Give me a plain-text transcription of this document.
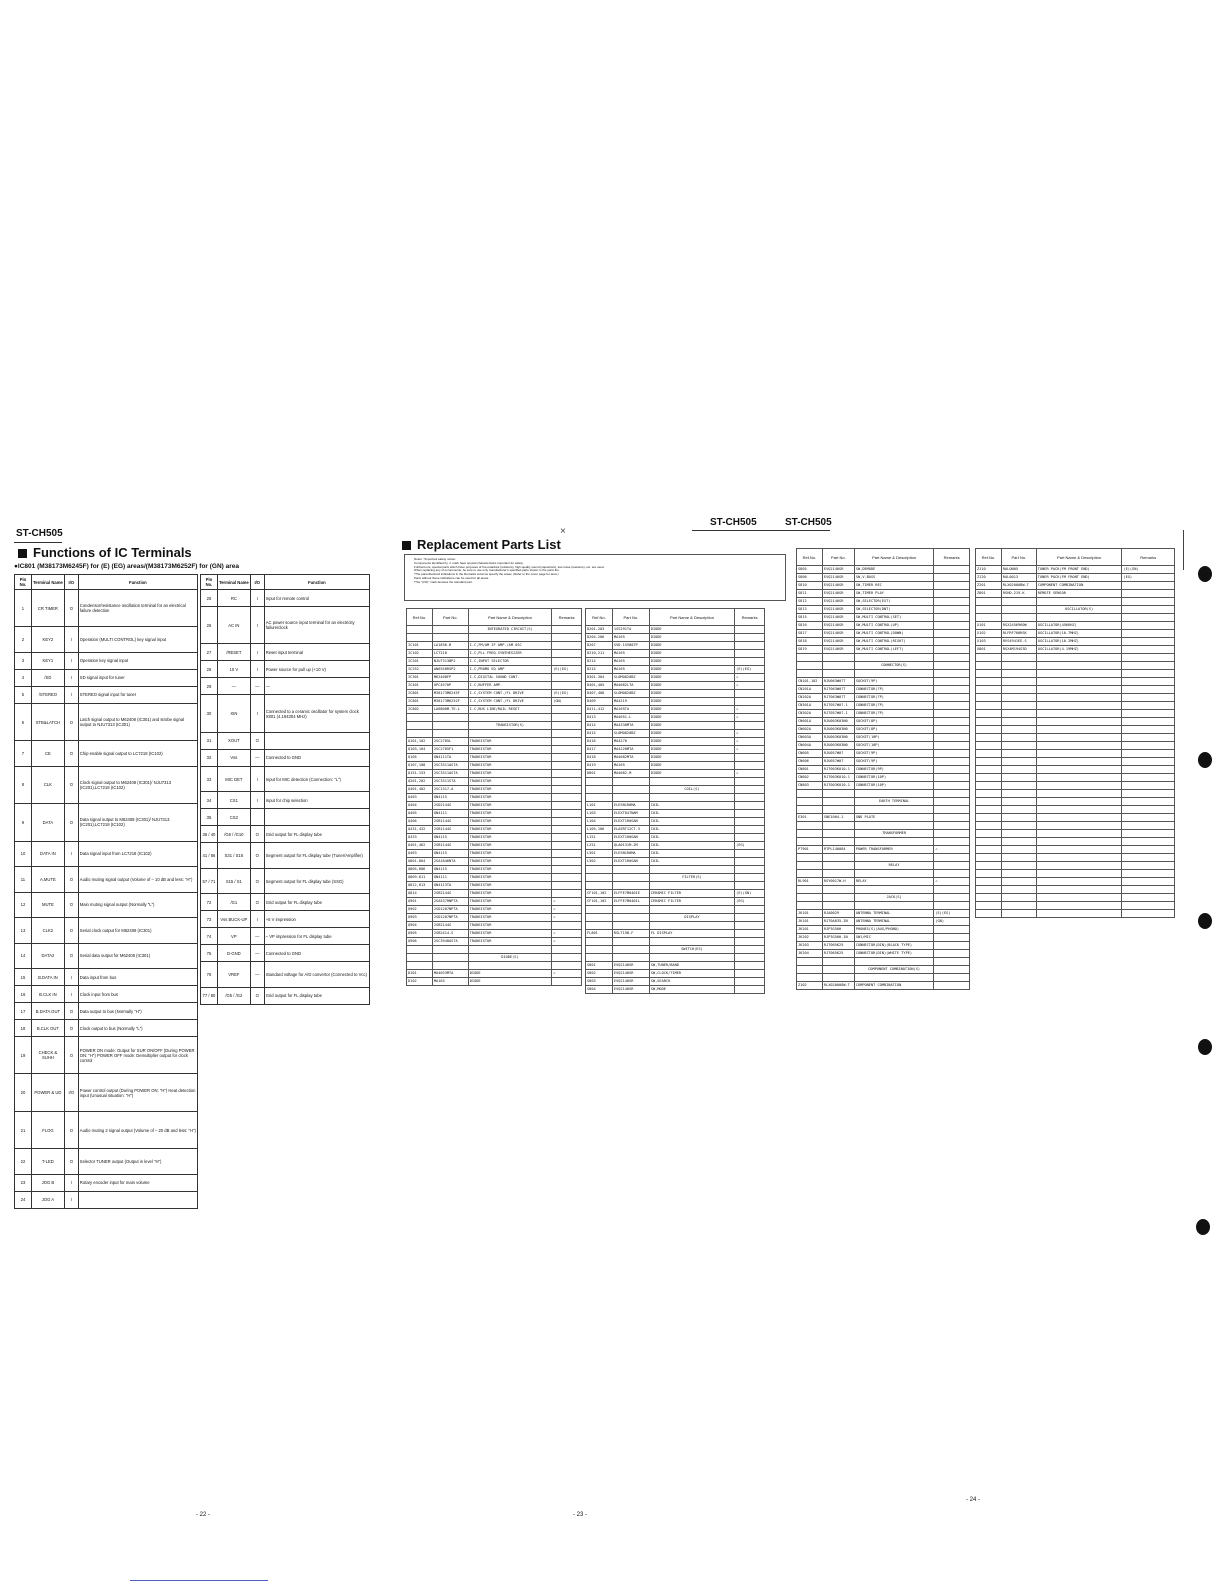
×
ST-CH505
ST-CH505	ST-CH505
Functions of IC Terminals
●IC801 (M38173M6245F) for (E) (EG) areas/(M38173M6252F) for (GN) area
Pin No.	Terminal Name	I/O	Function
1	CR TIMER	O	Condensor/resistance oscillation terminal for an electrical failure detection
2	KEY2	I	Operation (MULTI CONTROL) key signal input
3	KEY1	I	Operation key signal input
4	/SD	I	SD signal input for tuner
5	/STEREO	I	STEREO signal input for tuner
6	STB&LATCH	O	Latch signal output to M62408 (IC301) and strobe signal output to NJU7313 (IC301)
7	CE	O	Chip enable signal output to LC7218 (IC102)
8	CLK	O	Clock signal output to M62408 (IC301)/ NJU7313 (IC201),LC7218 (IC102)
9	DATA	O	Data signal output to M62408 (IC301)/ NJU7313 (IC201),LC7218 (IC102)
10	DATA IN	I	Data signal input from LC7218 (IC102)
11	A.MUTE	O	Audio muting signal output (Volume of – 10 dB and less: "H")
12	MUTE	O	Main muting signal output (Normally "L")
13	CLK2	O	Serial clock output for M62408 (IC301)
14	DATA2	O	Serial data output for M62408 (IC301)
15	B.DATA IN	I	Data input from bus
16	B.CLK IN	I	Clock input from bus
17	B.DATA OUT	O	Data output to bus (Normally "H")
18	B.CLK OUT	O	Clock output to bus (Normally "L")
19	CHECK & SUHH	O	POWER ON mode: Output for SUR ON/OFF (During POWER ON: "H") POWER OFF mode: Demultiplier output for clock control
20	POWER & UD	I/O	Power control output (During POWER ON: "H") Heat detection input (Unusual situation: "H")
21	FLOG	O	Audio muting 2 signal output (Volume of – 20 dB and less: "H")
22	T-LED	O	Selector TUNER output (Output in level "H")
23	JOG B	I	Rotary encoder input for main volume
24	JOG A	I	
Pin No.	Terminal Name	I/O	Function
25	RC	I	Input for remote control
26	AC IN	I	AC power source input terminal for an electricity failure/clock
27	/RESET	I	Reset input terminal
28	10 V	I	Power source for pull up (+10 V)
29	—	—	—
30	XIN	I	Connected to a ceramic oscillator for system clock X801 (4.194304 MHz)
31	XOUT	O	
32	Vss	—	Connected to GND
33	MIC DET	I	Input for MIC detection (Connection: "L")
34	CS1	I	Input for chip selection
35	CS2		
36 / 40	/G6 / /G10	O	Grid output for FL display tube
41 / 56	S31 / S16	O	Segment output for FL display tube (Tuner/Amplifier)
57 / 71	S15 / S1	O	Segment output for FL display tube (SSG)
72	/G1	O	Grid output for FL display tube
73	Vss BUCK-UP	I	+5 V impression
74	VP	—	– VP impression for FL display tube
75	D-GND	—	Connected to GND
76	VREF	—	Standard voltage for A/D convertor (Connected to Vcc)
77 / 80	/G5 / /G2	O	Grid output for FL display tube
- 22 -
Replacement Parts List
Notes: *Important safety notice:
Components identified by ⚠ mark have special characteristics important for safety.
Furthermore, special parts which have purposes of fire-retardant (resistors), high-quality sound (capacitors), low-noise (resistors), etc. are used.
When replacing any of components, be sure to use only manufacturer's specified parts shown in the parts list.
*The parenthesized indications in the Remarks columns specify the areas. (Refer to the cover page for area.)
Parts without these indications can be used for all areas.
*The "(I/O)" mark denotes the standard part.
Ref.No.	Part No.	Part Name & Description	Remarks
		INTEGRATED CIRCUIT(S)	

IC101	LA1836-B	I.C,FM/AM IF AMP./AM OSC	
IC102	LC7218	I.C,PLL FREQ.SYNTHESIZER	
IC201	NJU7313BP2	I.C,INPUT SELECTOR	
IC252	AN6558RSP2	I.C,PROMO EQ AMP	(E)(EG)
IC301	M62408FP	I.C,DIGITAL SOUND CONT.	
IC401	UPC4570P	I.C,BUFFER AMP.	
IC801	M38173M6245F	I.C,SYSTEM CONT./FL DRIVE	(E)(EG)
IC801	M38173M6252F	I.C,SYSTEM CONT./FL DRIVE	(GN)
IC802	LA6800M-TE-L	I.C,BUS LINE/RAIL RESET	

		TRANSISTOR(S)	

Q101,102	2SC2785L	TRANSISTOR	
Q103,104	2SC2785F1	TRANSISTOR	
Q105	UN4111TA	TRANSISTOR	
Q107,108	2SC3311ASTA	TRANSISTOR	
Q151-153	2SC3311ASTA	TRANSISTOR	
Q201,202	2SC3311STA	TRANSISTOR	
Q401,402	2SC1317-A	TRANSISTOR	
Q403	UN4115	TRANSISTOR	
Q404	2SD2144S	TRANSISTOR	
Q405	UN4111	TRANSISTOR	
Q406	2SB1144S	TRANSISTOR	
Q431,432	2SB1144S	TRANSISTOR	
Q433	UN4115	TRANSISTOR	
Q461,462	2SB1144S	TRANSISTOR	
Q463	UN4115	TRANSISTOR	
Q801-804	2SA1846NTA	TRANSISTOR	
Q805,806	UN4115	TRANSISTOR	
Q809-811	UN4111	TRANSISTOR	
Q812,813	UN4113TA	TRANSISTOR	
Q814	2SB2144S	TRANSISTOR	
Q901	2SA537HNPTA	TRANSISTOR	⚠
Q902	2SD1207NPTA	TRANSISTOR	⚠
Q903	2SD1207NPTA	TRANSISTOR	⚠
Q904	2SB2144S	TRANSISTOR	
Q905	2SB2414-S	TRANSISTOR	⚠
Q906	2SC3940ASTA	TRANSISTOR	⚠

		DIODE(S)	

D101	MA4033MTA	DIODE	⚠
D102	MA163	DIODE	
Ref.No.	Part No.	Part Name & Description	Remarks
D201-203	1SS291TA	DIODE	
D204-206	MA165	DIODE	
D207	SVD-1SV80TP	DIODE	
D210,211	MA165	DIODE	
D214	MA165	DIODE	
D215	MA165	DIODE	(E)(EG)
D301-304	SL0MO820BZ	DIODE	⚠
D401,405	MA4082LTA	DIODE	⚠
D407,408	SLOMO820BZ	DIODE	
D409	MA4219	DIODE	
D411,412	MA165TA	DIODE	⚠
D413	MA4051-L	DIODE	⚠
D414	MA4330MTA	DIODE	
D415	SL0MO820BZ	DIODE	⚠
D416	MA4270	DIODE	⚠
D417	MA4220MTA	DIODE	⚠
D418	MA4082MTA	DIODE	
D419	MA165	DIODE	
D801	MA4082-M	DIODE	⚠

		COIL(S)	

L101	ELESN1R0MA	COIL	
L103	ELEXT847NAM	COIL	
L104	ELEXT1R0GAN	COIL	
L105,106	EL0ZRT12CT-3	COIL	
L151	ELEXT100GAN	COIL	
L251	QLA0131M-2M	COIL	(EG)
L301	ELESN1R0MA	COIL	
L302	ELEXT1R0GAN	COIL	

		FILTER(S)	

CF101,102	ELFFE7M040IE	CERAMIC FILTER	(E)(GN)
CF101,102	ELFFE7M040IL	CERAMIC FILTER	(EG)

		DISPLAY	

FL801	RSLT15B-F	FL DISPLAY	

		SWITCH(ES)	

S801	EVQ2140SR	SW,TUNER/BAND	
S802	EVQ2140SR	SW,CLOCK/TIMER	
S803	EVQ2140SR	SW,SEARCH	
S804	EVQ2140SR	SW,MODE	
- 23 -
Ref.No.	Part No.	Part Name & Description	Remarks
S805	EVQ2140SR	SW,DEMODE	
S806	EVQ2140SR	SW,V.BASS	
S810	EVQ2140SR	SW,TIMER REC	
S811	EVQ2140SR	SW,TIMER PLAY	
S812	EVQ2140SR	SW,SELECTOR(EXT)	
S813	EVQ2140SR	SW,SELECTOR(DNT)	
S815	EVQ2140SR	SW,MULTI CONTROL(SET)	
S816	EVQ2140SR	SW,MULTI CONTROL(UP)	
S817	EVQ2140SR	SW,MULTI CONTROL(DOWN)	
S818	EVQ2140SR	SW,MULTI CONTROL(RIGHT)	
S819	EVQ2140SR	SW,MULTI CONTROL(LEFT)	

		CONNECTOR(S)	

CN101,102	RJU063W07T	SOCKET(9P)	
CN201A	RJT063W07T	CONNECTOR(7P)	
CN202A	RJT063W07T	CONNECTOR(7P)	
CN301A	RJT057W07-1	CONNECTOR(7P)	
CN302A	RJT057W07-1	CONNECTOR(7P)	
CN601A	RJU003K03N0	SOCKET(8P)	
CN602A	RJU003K03N0	SOCKET(8P)	
CN603A	RJU003K03N0	SOCKET(10P)	
CN604A	RJU003K03N0	SOCKET(10P)	
CN605	RJU057W07	SOCKET(9P)	
CN606	RJU057W07	SOCKET(9P)	
CN801	RJT003K010-1	CONNECTOR(9P)	
CN802	RJT003K010-1	CONNECTOR(10P)	
CN803	RJT003K010-1	CONNECTOR(10P)	

		EARTH TERMINAL	

E301	SNE1004-1	GND PLATE	

		TRANSFORMER	

PT901	RTPL140084	POWER TRANSFORMER	⚠

		RELAY	

RL901	RSY0017W-H	RELAY	⚠

		JACK(S)	

JK101	RJA0029	ANTENNA TERMINAL	(E)(EG)
JK101	RJT0A035-IN	ANTENNA TERMINAL	(GN)
JK201	RJP3G50H	PHONES(S)(AUX/PHONO)	
JK202	RJP3G50H-1N	SW1/MIC	
JK203	RJT065K25	CONNECTOR(DIN)(BLACK TYPE)	
JK204	RJT065K25	CONNECTOR(DIN)(WHITE TYPE)	

		COMPONENT COMBINATION(S)	

Z102	RLX020008W-T	COMPONENT COMBINATION	
Ref.No.	Part No.	Part Name & Description	Remarks
Z110	RALON05	TUNER PACK(FM FRONT END)	(E)(GN)
Z120	RAL0013	TUNER PACK(FM FRONT END)	(EG)
Z201	RLX020008W-T	COMPONENT COMBINATION	
Z801	RSHD-219-K	REMOTE SENSOR	

		OSCILLATOR(S)	

X101	RSX2456960W	OSCILLATOR(456KHZ)	
X102	RLFRF700RSK	OSCILLATOR(10.7MHZ)	
X103	RVS4941EE-S	OSCILLATOR(10.2MHZ)	
X801	RSX4M194S3D	OSCILLATOR(4.19MHZ)	

- 24 -
